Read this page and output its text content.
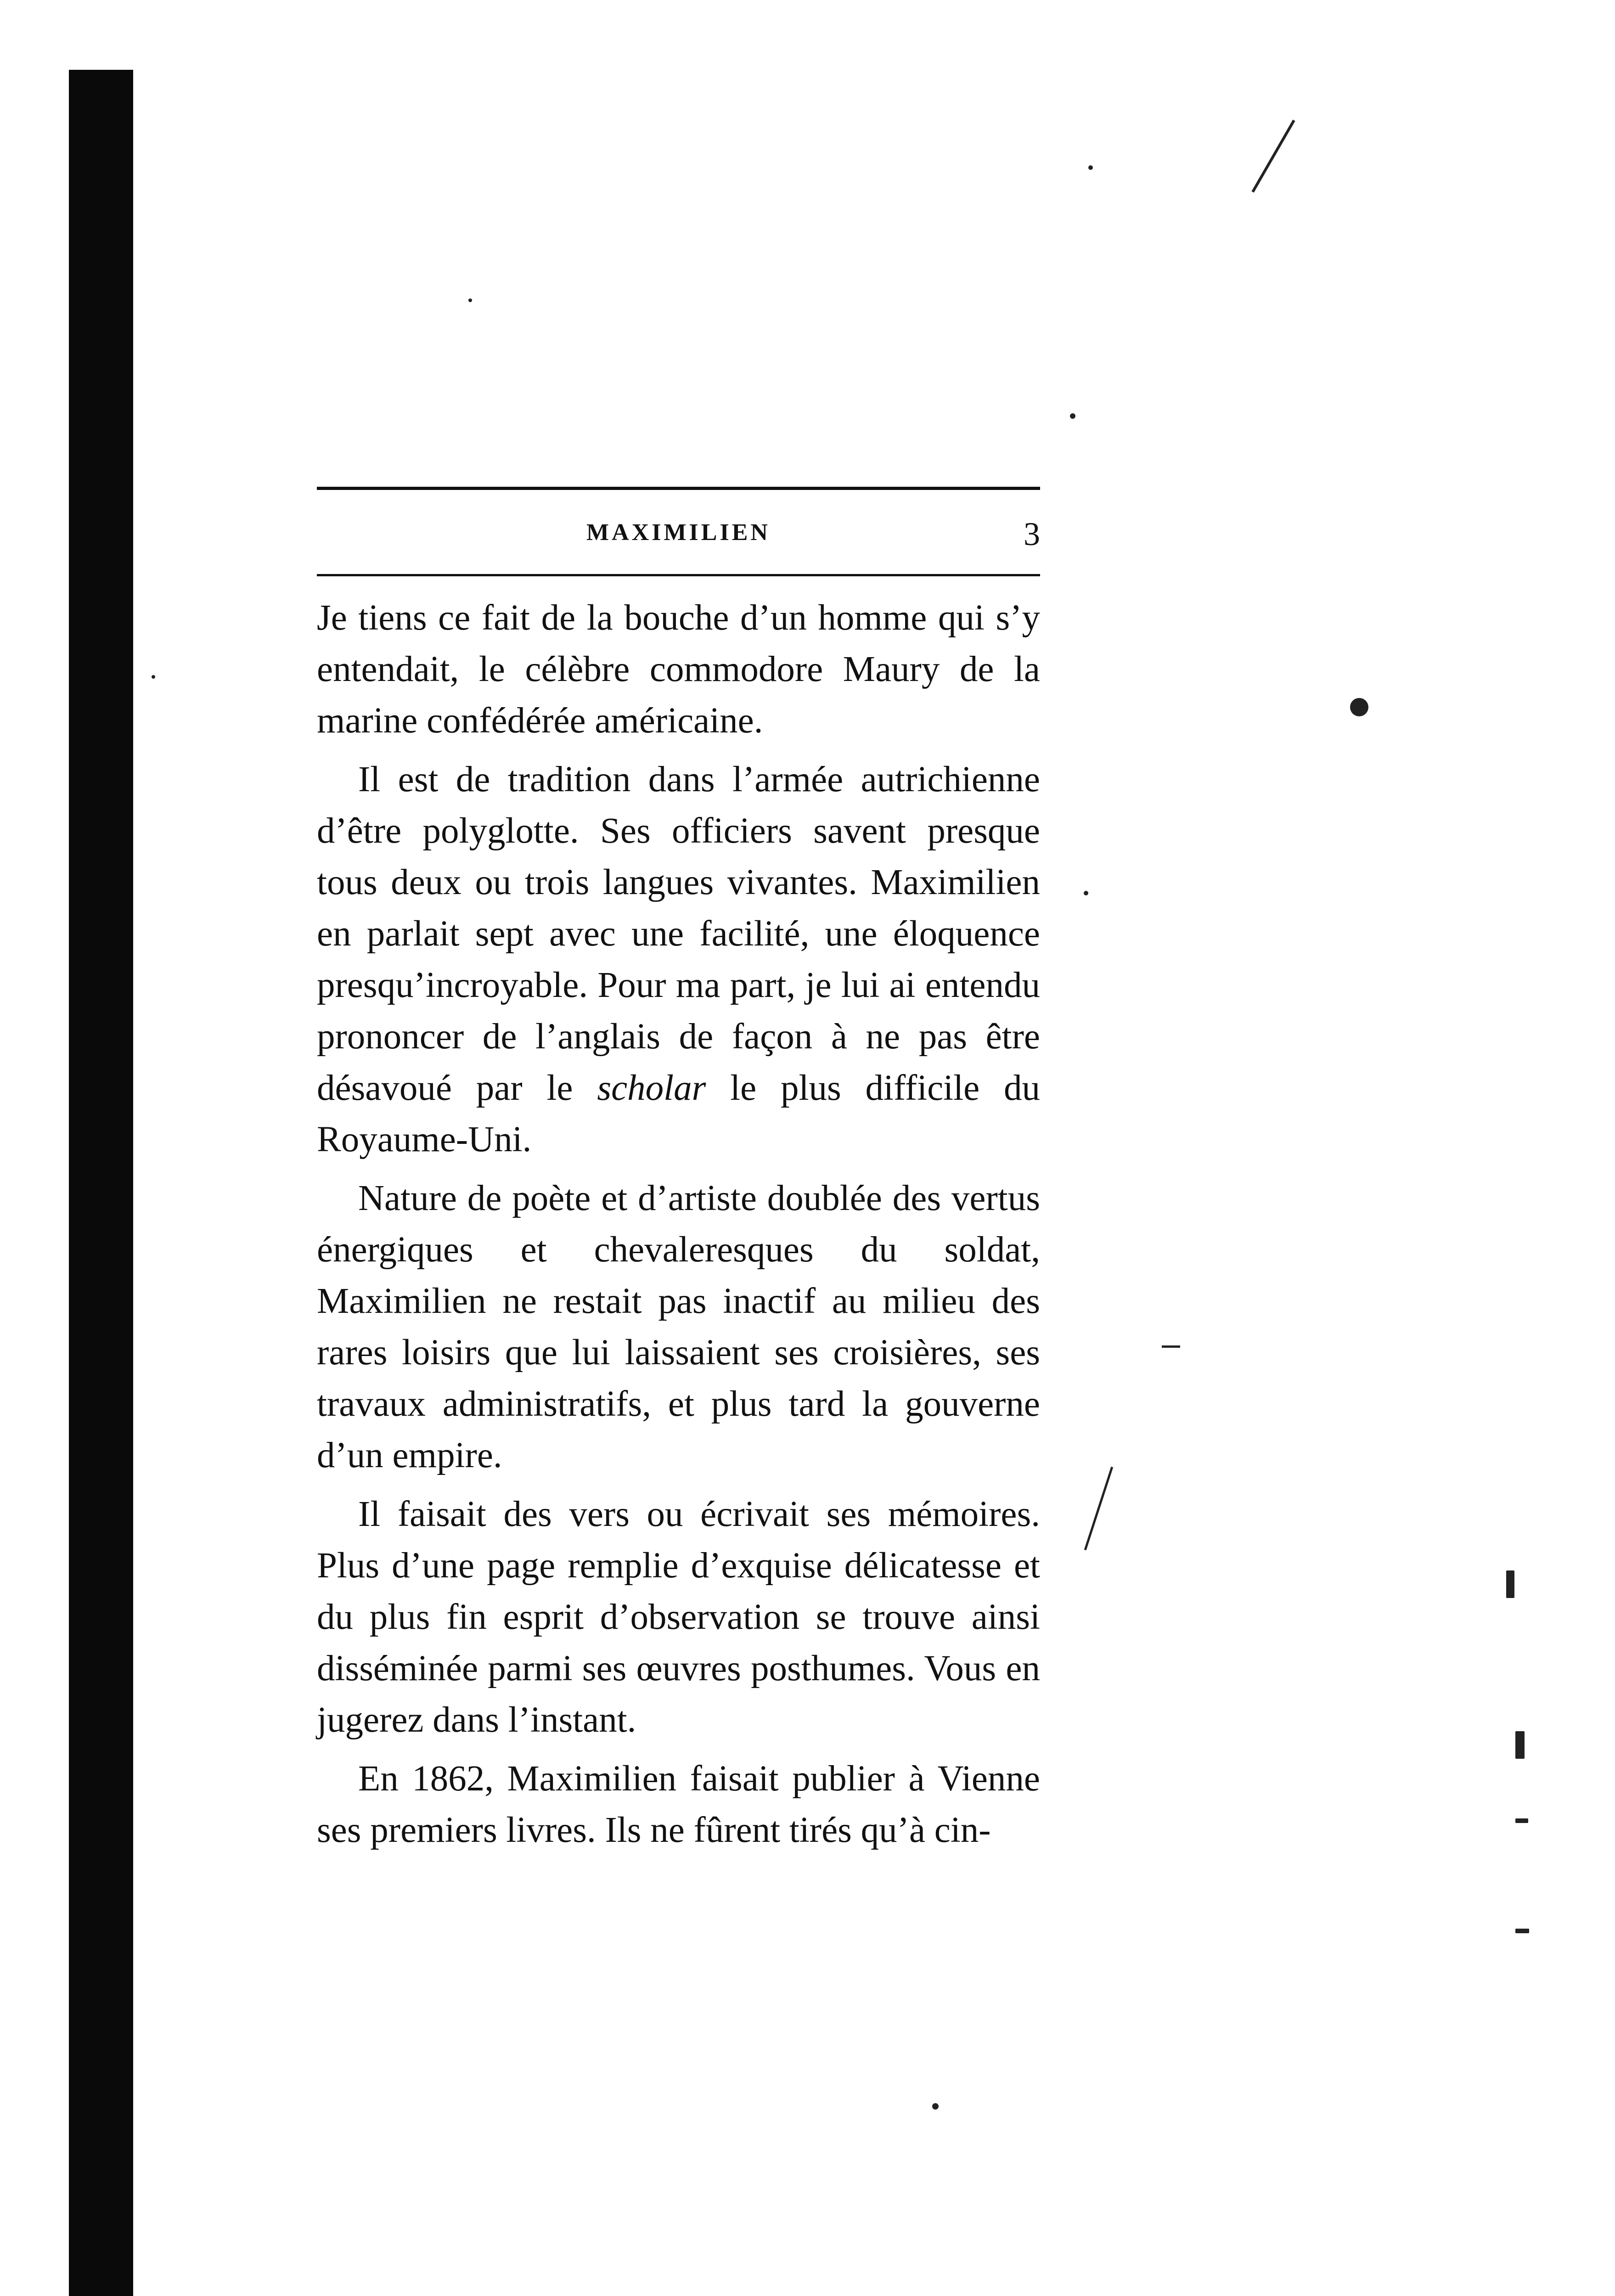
MAXIMILIEN	3

Je tiens ce fait de la bouche d’un homme qui s’y entendait, le célèbre commodore Maury de la marine confédérée américaine.

Il est de tradition dans l’armée autrichienne d’être polyglotte. Ses officiers savent presque tous deux ou trois langues vivantes. Maximilien en parlait sept avec une facilité, une éloquence presqu’incroyable. Pour ma part, je lui ai entendu prononcer de l’anglais de façon à ne pas être désavoué par le scholar le plus difficile du Royaume-Uni.

Nature de poète et d’artiste doublée des vertus énergiques et chevaleresques du soldat, Maximilien ne restait pas inactif au milieu des rares loisirs que lui laissaient ses croisières, ses travaux administratifs, et plus tard la gouverne d’un empire.

Il faisait des vers ou écrivait ses mémoires. Plus d’une page remplie d’exquise délicatesse et du plus fin esprit d’observation se trouve ainsi disséminée parmi ses œuvres posthumes. Vous en jugerez dans l’instant.

En 1862, Maximilien faisait publier à Vienne ses premiers livres. Ils ne fûrent tirés qu’à cin-
